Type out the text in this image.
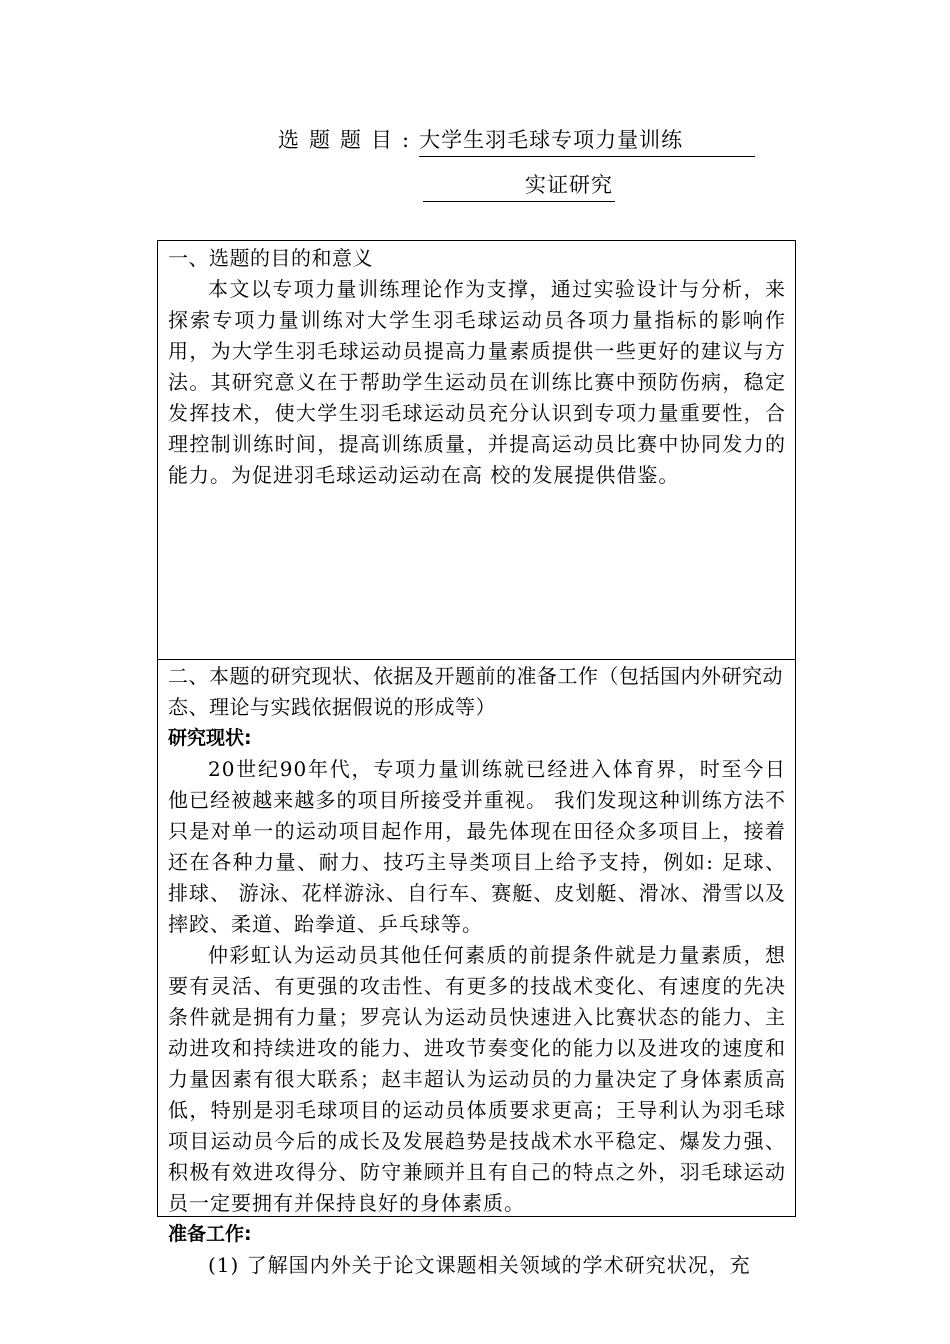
选题题目:大学生羽毛球专项力量训练
实证研究

一、选题的目的和意义

本文以专项力量训练理论作为支撑，通过实验设计与分析，来探索专项力量训练对大学生羽毛球运动员各项力量指标的影响作用，为大学生羽毛球运动员提高力量素质提供一些更好的建议与方法。其研究意义在于帮助学生运动员在训练比赛中预防伤病，稳定发挥技术，使大学生羽毛球运动员充分认识到专项力量重要性，合理控制训练时间，提高训练质量，并提高运动员比赛中协同发力的能力。为促进羽毛球运动运动在高 校的发展提供借鉴。

二、本题的研究现状、依据及开题前的准备工作（包括国内外研究动态、理论与实践依据假说的形成等）

研究现状:

20世纪90年代，专项力量训练就已经进入体育界，时至今日他已经被越来越多的项目所接受并重视。 我们发现这种训练方法不只是对单一的运动项目起作用，最先体现在田径众多项目上，接着还在各种力量、耐力、技巧主导类项目上给予支持，例如: 足球、排球、 游泳、花样游泳、自行车、赛艇、皮划艇、滑冰、滑雪以及摔跤、柔道、跆拳道、乒乓球等。

仲彩虹认为运动员其他任何素质的前提条件就是力量素质，想要有灵活、有更强的攻击性、有更多的技战术变化、有速度的先决条件就是拥有力量；罗亮认为运动员快速进入比赛状态的能力、主动进攻和持续进攻的能力、进攻节奏变化的能力以及进攻的速度和力量因素有很大联系；赵丰超认为运动员的力量决定了身体素质高低，特别是羽毛球项目的运动员体质要求更高；王导利认为羽毛球项目运动员今后的成长及发展趋势是技战术水平稳定、爆发力强、积极有效进攻得分、防守兼顾并且有自己的特点之外，羽毛球运动员一定要拥有并保持良好的身体素质。

准备工作:

(1) 了解国内外关于论文课题相关领域的学术研究状况，充
